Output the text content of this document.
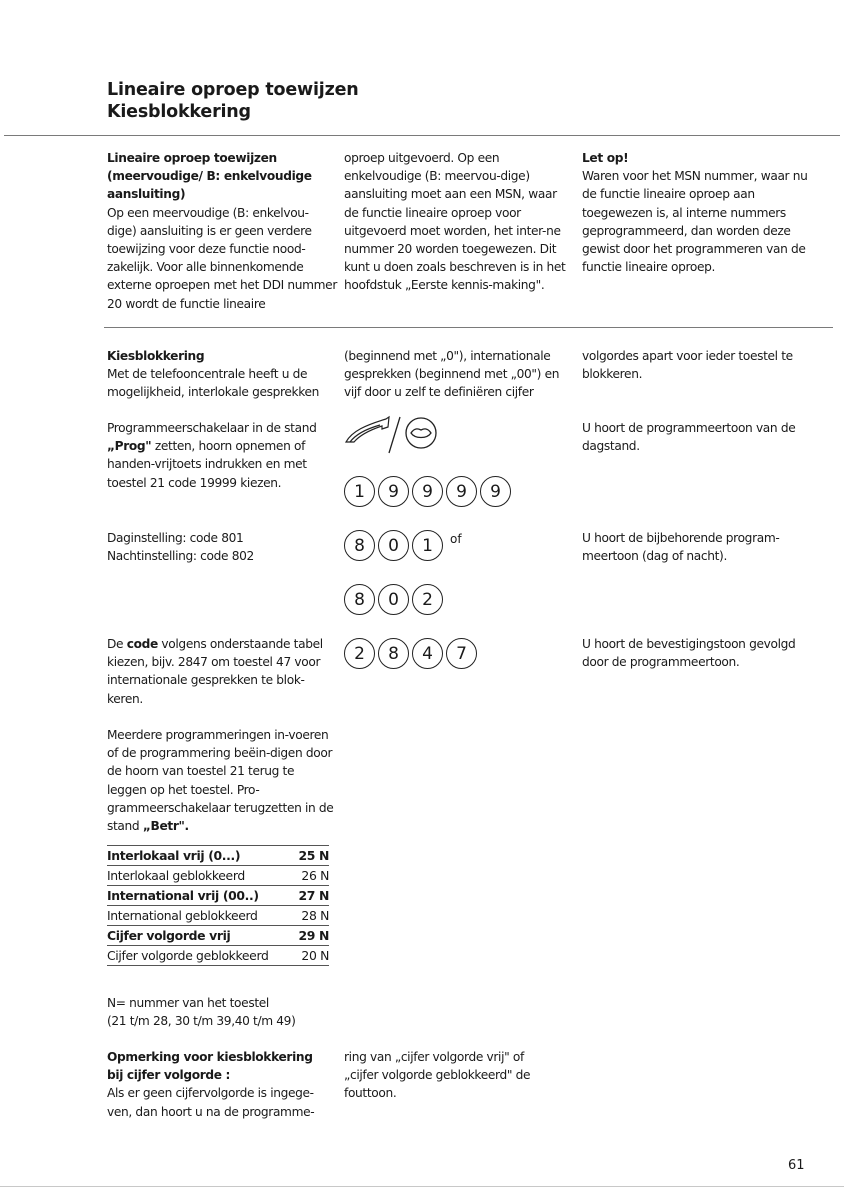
Lineaire oproep toewijzen
Kiesblokkering
Lineaire oproep toewijzen
(meervoudige/ B: enkelvoudige
aansluiting)
Op een meervoudige (B: enkelvou-dige) aansluiting is er geen verdere toewijzing voor deze functie nood-zakelijk. Voor alle binnenkomende externe oproepen met het DDI nummer 20 wordt de functie lineaire
oproep uitgevoerd. Op een enkelvoudige (B: meervou-dige) aansluiting moet aan een MSN, waar de functie lineaire oproep voor uitgevoerd moet worden, het inter-ne nummer 20 worden toegewezen. Dit kunt u doen zoals beschreven is in het hoofdstuk „Eerste kennis-making".
Let op!
Waren voor het MSN nummer, waar nu de functie lineaire oproep aan toegewezen is, al interne nummers geprogrammeerd, dan worden deze gewist door het programmeren van de functie lineaire oproep.
Kiesblokkering
Met de telefooncentrale heeft u de mogelijkheid, interlokale gesprekken
(beginnend met „0"), internationale gesprekken (beginnend met „00") en vijf door u zelf te definiëren cijfer
volgordes apart voor ieder toestel te blokkeren.
Programmeerschakelaar in de stand „Prog" zetten, hoorn opnemen of handen-vrijtoets indrukken en met toestel 21 code 19999 kiezen.	1	9	9	9	9
U hoort de programmeertoon van de dagstand.
Daginstelling: code 801
Nachtinstelling: code 802
8	0	1	of
8	0	2
U hoort de bijbehorende program-meertoon (dag of nacht).
De code volgens onderstaande tabel kiezen, bijv. 2847 om toestel 47 voor internationale gesprekken te blok-keren.
2	8	4	7	U hoort de bevestigingstoon gevolgd door de programmeertoon.
Meerdere programmeringen in-voeren of de programmering beëin-digen door de hoorn van toestel 21 terug te leggen op het toestel. Pro-grammeerschakelaar terugzetten in de stand „Betr".
Interlokaal vrij (0...)	25 N
Interlokaal geblokkeerd	26 N
International vrij (00..)	27 N
International geblokkeerd	28 N
Cijfer volgorde vrij	29 N
Cijfer volgorde geblokkeerd	20 N
N= nummer van het toestel
(21 t/m 28, 30 t/m 39,40 t/m 49)
Opmerking voor kiesblokkering
bij cijfer volgorde :
Als er geen cijfervolgorde is ingege-ven, dan hoort u na de programme-
ring van „cijfer volgorde vrij" of „cijfer volgorde geblokkeerd" de fouttoon.
61
